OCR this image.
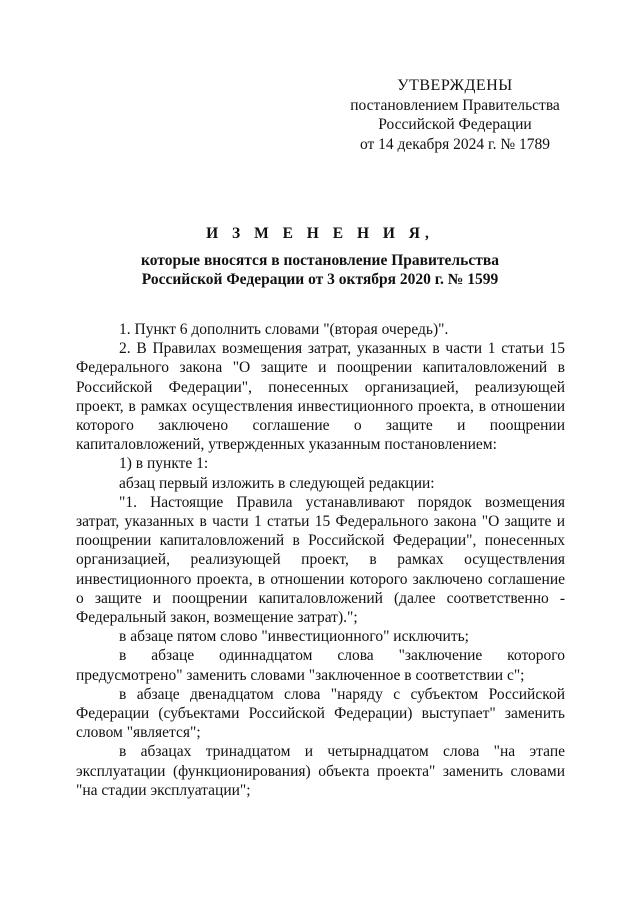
УТВЕРЖДЕНЫ
постановлением Правительства
Российской Федерации
от 14 декабря 2024 г. № 1789
И З М Е Н Е Н И Я,
которые вносятся в постановление Правительства
Российской Федерации от 3 октября 2020 г. № 1599

1. Пункт 6 дополнить словами "(вторая очередь)".

2. В Правилах возмещения затрат, указанных в части 1 статьи 15 Федерального закона "О защите и поощрении капиталовложений в Российской Федерации", понесенных организацией, реализующей проект, в рамках осуществления инвестиционного проекта, в отношении которого заключено соглашение о защите и поощрении капиталовложений, утвержденных указанным постановлением:

1) в пункте 1:

абзац первый изложить в следующей редакции:

"1. Настоящие Правила устанавливают порядок возмещения затрат, указанных в части 1 статьи 15 Федерального закона "О защите и поощрении капиталовложений в Российской Федерации", понесенных организацией, реализующей проект, в рамках осуществления инвестиционного проекта, в отношении которого заключено соглашение о защите и поощрении капиталовложений (далее соответственно - Федеральный закон, возмещение затрат).";

в абзаце пятом слово "инвестиционного" исключить;

в абзаце одиннадцатом слова "заключение которого предусмотрено" заменить словами "заключенное в соответствии с";

в абзаце двенадцатом слова "наряду с субъектом Российской Федерации (субъектами Российской Федерации) выступает" заменить словом "является";

в абзацах тринадцатом и четырнадцатом слова "на этапе эксплуатации (функционирования) объекта проекта" заменить словами "на стадии эксплуатации";
